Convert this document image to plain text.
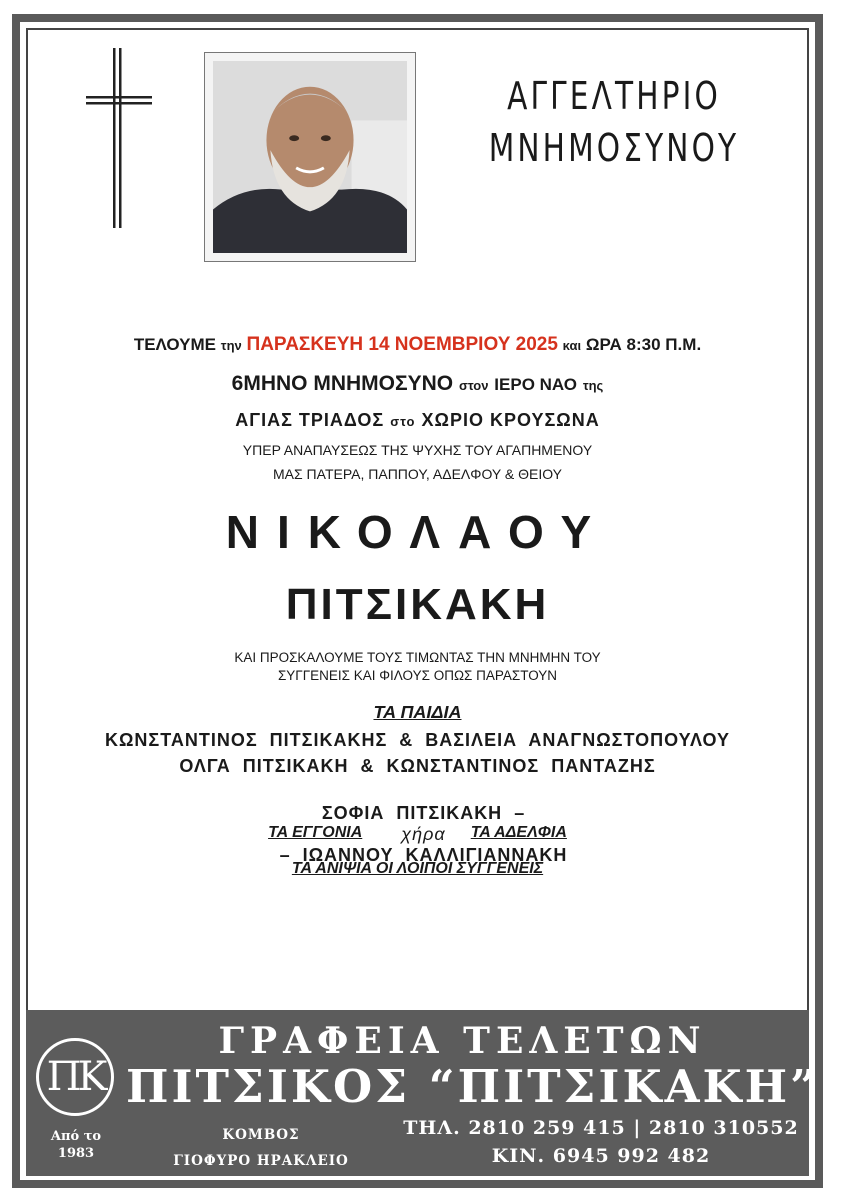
ΑΓΓΕΛΤΗΡΙΟ
ΜΝΗΜΟΣΥΝΟΥ
ΤΕΛΟΥΜΕ την ΠΑΡΑΣΚΕΥΗ 14 ΝΟΕΜΒΡΙΟΥ 2025 και ΩΡΑ 8:30 Π.Μ.
6ΜΗΝΟ ΜΝΗΜΟΣΥΝΟ στον ΙΕΡΟ ΝΑΟ της
ΑΓΙΑΣ ΤΡΙΑΔΟΣ στο ΧΩΡΙΟ ΚΡΟΥΣΩΝΑ
ΥΠΕΡ ΑΝΑΠΑΥΣΕΩΣ ΤΗΣ ΨΥΧΗΣ ΤΟΥ ΑΓΑΠΗΜΕΝΟΥ
ΜΑΣ ΠΑΤΕΡΑ, ΠΑΠΠΟΥ, ΑΔΕΛΦΟΥ & ΘΕΙΟΥ
ΝΙΚΟΛΑΟΥ
ΠΙΤΣΙΚΑΚΗ
ΚΑΙ ΠΡΟΣΚΑΛΟΥΜΕ ΤΟΥΣ ΤΙΜΩΝΤΑΣ ΤΗΝ ΜΝΗΜΗΝ ΤΟΥ
ΣΥΓΓΕΝΕΙΣ ΚΑΙ ΦΙΛΟΥΣ ΟΠΩΣ ΠΑΡΑΣΤΟΥΝ
ΤΑ ΠΑΙΔΙΑ
ΚΩΝΣΤΑΝΤΙΝΟΣ  ΠΙΤΣΙΚΑΚΗΣ  &  ΒΑΣΙΛΕΙΑ  ΑΝΑΓΝΩΣΤΟΠΟΥΛΟΥ
ΟΛΓΑ  ΠΙΤΣΙΚΑΚΗ  &  ΚΩΝΣΤΑΝΤΙΝΟΣ  ΠΑΝΤΑΖΗΣ

ΣΟΦΙΑ  ΠΙΤΣΙΚΑΚΗ  –
χήρα
–  ΙΩΑΝΝΟΥ  ΚΑΛΛΙΓΙΑΝΝΑΚΗ

ΤΑ ΕΓΓΟΝΙΑ	ΤΑ ΑΔΕΛΦΙΑ
ΤΑ ΑΝΙΨΙΑ ΟΙ ΛΟΙΠΟΙ ΣΥΓΓΕΝΕΙΣ
ΠΚ
Από το
1983
ΓΡΑΦΕΙΑ ΤΕΛΕΤΩΝ
ΠΙΤΣΙΚΟΣ “ΠΙΤΣΙΚΑΚΗ”
ΚΟΜΒΟΣ
ΓΙΟΦΥΡΟ ΗΡΑΚΛΕΙΟ
ΤΗΛ. 2810 259 415 | 2810 310552
ΚΙΝ. 6945 992 482
